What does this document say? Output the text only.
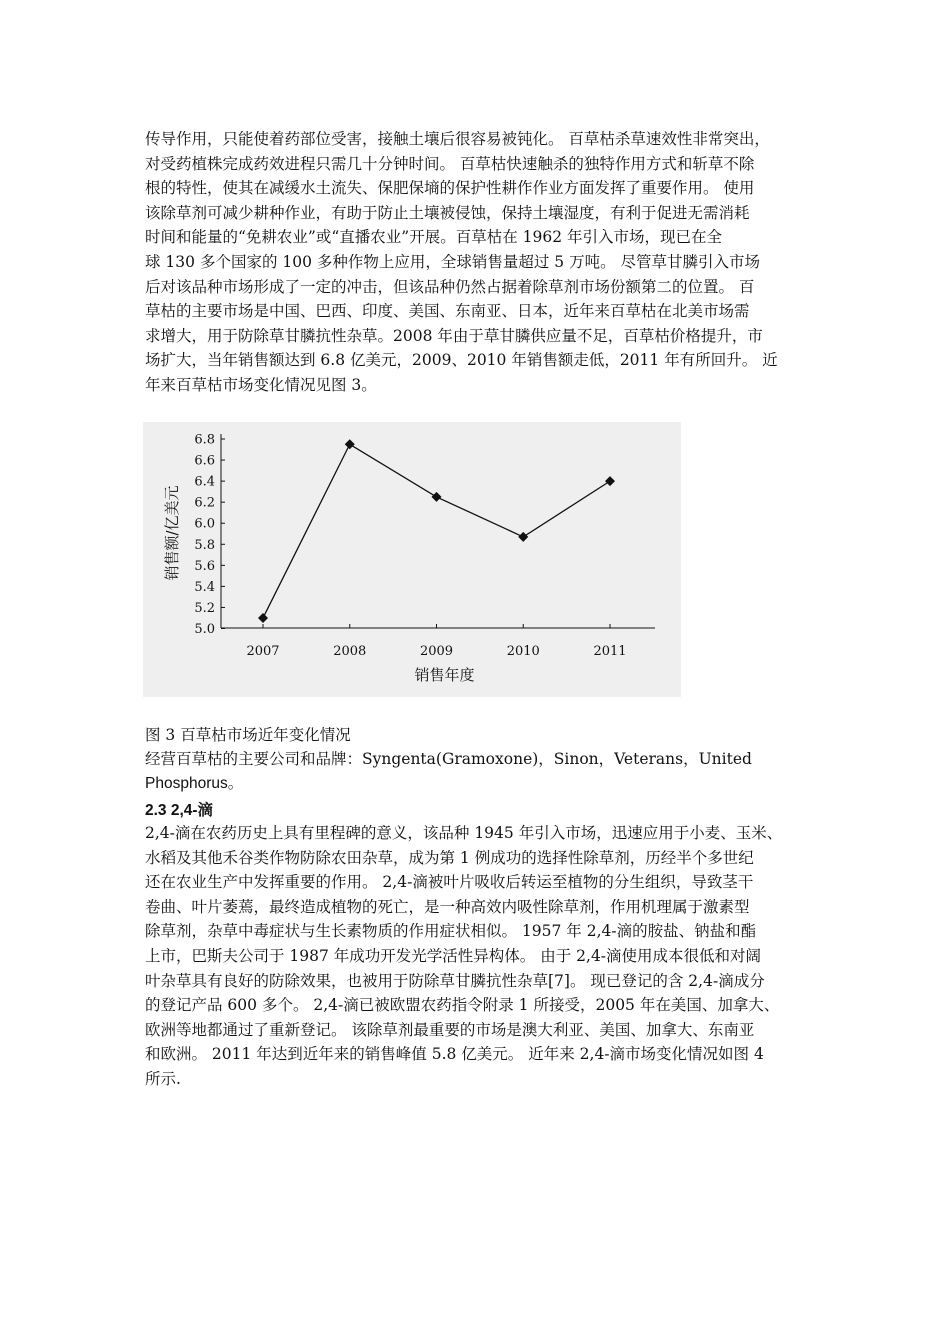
传导作用，只能使着药部位受害，接触土壤后很容易被钝化。 百草枯杀草速效性非常突出，
对受药植株完成药效进程只需几十分钟时间。 百草枯快速触杀的独特作用方式和斩草不除
根的特性，使其在减缓水土流失、保肥保墒的保护性耕作作业方面发挥了重要作用。 使用
该除草剂可减少耕种作业，有助于防止土壤被侵蚀，保持土壤湿度，有利于促进无需消耗
时间和能量的“免耕农业”或“直播农业”开展。百草枯在 1962 年引入市场，现已在全
球 130 多个国家的 100 多种作物上应用，全球销售量超过 5 万吨。 尽管草甘膦引入市场
后对该品种市场形成了一定的冲击，但该品种仍然占据着除草剂市场份额第二的位置。 百
草枯的主要市场是中国、巴西、印度、美国、东南亚、日本，近年来百草枯在北美市场需
求增大，用于防除草甘膦抗性杂草。2008 年由于草甘膦供应量不足，百草枯价格提升，市
场扩大，当年销售额达到 6.8 亿美元，2009、2010 年销售额走低，2011 年有所回升。 近
年来百草枯市场变化情况见图 3。
5.0
5.2
5.4
5.6
5.8
6.0
6.2
6.4
6.6
6.8
2007	2008	2009	2010	2011
销售年度
销售额/亿美元
图 3 百草枯市场近年变化情况
经营百草枯的主要公司和品牌：Syngenta(Gramoxone)，Sinon，Veterans，United
Phosphorus。
2.3 2,4-滴
2,4-滴在农药历史上具有里程碑的意义，该品种 1945 年引入市场，迅速应用于小麦、玉米、
水稻及其他禾谷类作物防除农田杂草，成为第 1 例成功的选择性除草剂，历经半个多世纪
还在农业生产中发挥重要的作用。 2,4-滴被叶片吸收后转运至植物的分生组织，导致茎干
卷曲、叶片萎蔫，最终造成植物的死亡，是一种高效内吸性除草剂，作用机理属于激素型
除草剂，杂草中毒症状与生长素物质的作用症状相似。 1957 年 2,4-滴的胺盐、钠盐和酯
上市，巴斯夫公司于 1987 年成功开发光学活性异构体。 由于 2,4-滴使用成本很低和对阔
叶杂草具有良好的防除效果，也被用于防除草甘膦抗性杂草[7]。 现已登记的含 2,4-滴成分
的登记产品 600 多个。 2,4-滴已被欧盟农药指令附录 1 所接受，2005 年在美国、加拿大、
欧洲等地都通过了重新登记。 该除草剂最重要的市场是澳大利亚、美国、加拿大、东南亚
和欧洲。 2011 年达到近年来的销售峰值 5.8 亿美元。 近年来 2,4-滴市场变化情况如图 4
所示.
